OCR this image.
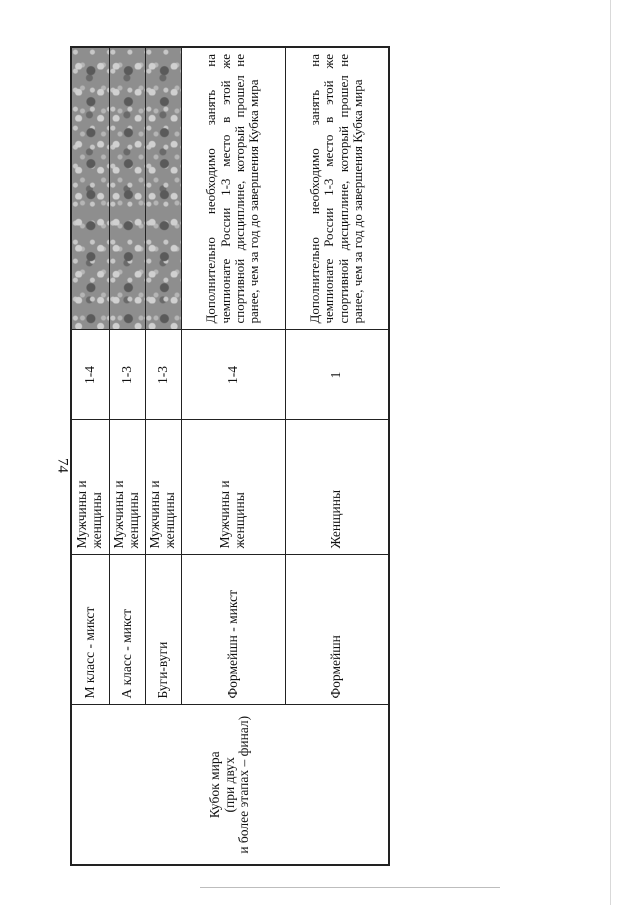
74
Кубок мира (при двух и более этапах – финал)	М класс - микст	Мужчины и женщины	1-4	
	А класс - микст	Мужчины и женщины	1-3	
	Буги-вуги	Мужчины и женщины	1-3	
	Формейшн - микст	Мужчины и женщины	1-4	Дополнительно необходимо занять на чемпионате России 1-3 место в этой же спортивной дисциплине, который прошел не ранее, чем за год до завершения Кубка мира
	Формейшн	Женщины	1	Дополнительно необходимо занять на чемпионате России 1-3 место в этой же спортивной дисциплине, который прошел не ранее, чем за год до завершения Кубка мира
